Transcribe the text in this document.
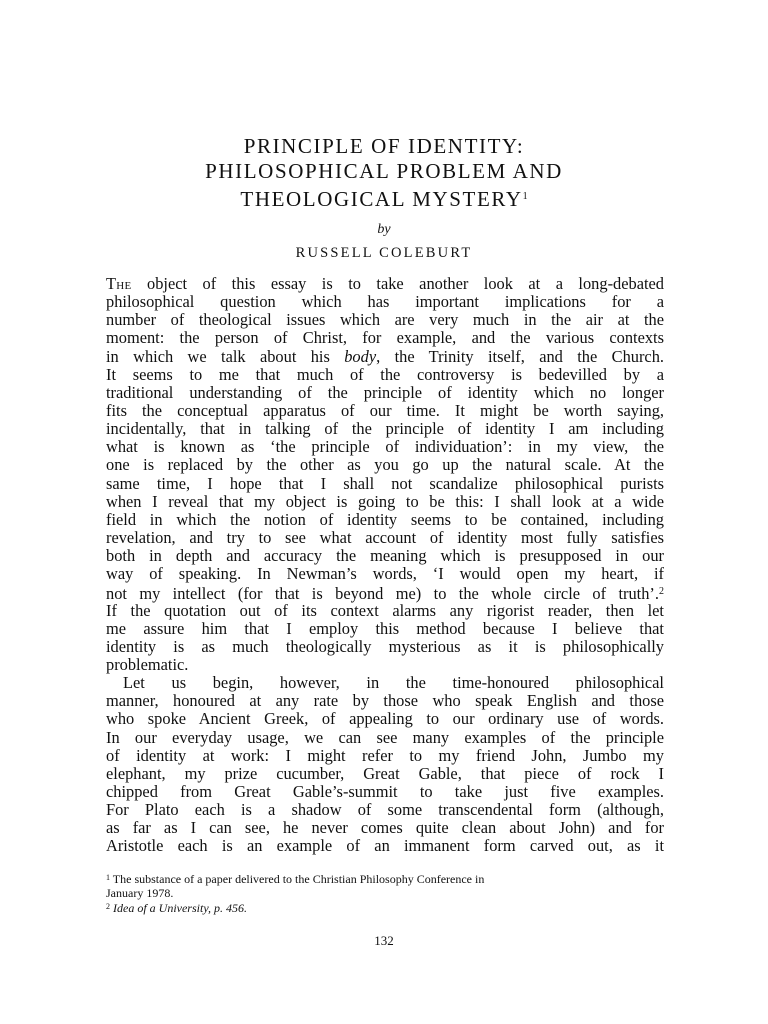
PRINCIPLE OF IDENTITY:
PHILOSOPHICAL PROBLEM AND
THEOLOGICAL MYSTERY$^1$
by
RUSSELL COLEBURT
The object of this essay is to take another look at a long-debated
philosophical question which has important implications for a
number of theological issues which are very much in the air at the
moment: the person of Christ, for example, and the various contexts
in which we talk about his body, the Trinity itself, and the Church.
It seems to me that much of the controversy is bedevilled by a
traditional understanding of the principle of identity which no longer
fits the conceptual apparatus of our time. It might be worth saying,
incidentally, that in talking of the principle of identity I am including
what is known as ‘the principle of individuation’: in my view, the
one is replaced by the other as you go up the natural scale. At the
same time, I hope that I shall not scandalize philosophical purists
when I reveal that my object is going to be this: I shall look at a wide
field in which the notion of identity seems to be contained, including
revelation, and try to see what account of identity most fully satisfies
both in depth and accuracy the meaning which is presupposed in our
way of speaking. In Newman’s words, ‘I would open my heart, if
not my intellect (for that is beyond me) to the whole circle of truth’.$^2$
If the quotation out of its context alarms any rigorist reader, then let
me assure him that I employ this method because I believe that
identity is as much theologically mysterious as it is philosophically
problematic.
Let us begin, however, in the time-honoured philosophical
manner, honoured at any rate by those who speak English and those
who spoke Ancient Greek, of appealing to our ordinary use of words.
In our everyday usage, we can see many examples of the principle
of identity at work: I might refer to my friend John, Jumbo my
elephant, my prize cucumber, Great Gable, that piece of rock I
chipped from Great Gable’s-summit to take just five examples.
For Plato each is a shadow of some transcendental form (although,
as far as I can see, he never comes quite clean about John) and for
Aristotle each is an example of an immanent form carved out, as it
$^1$ The substance of a paper delivered to the Christian Philosophy Conference in
January 1978.
$^2$ Idea of a University, p. 456.
132
